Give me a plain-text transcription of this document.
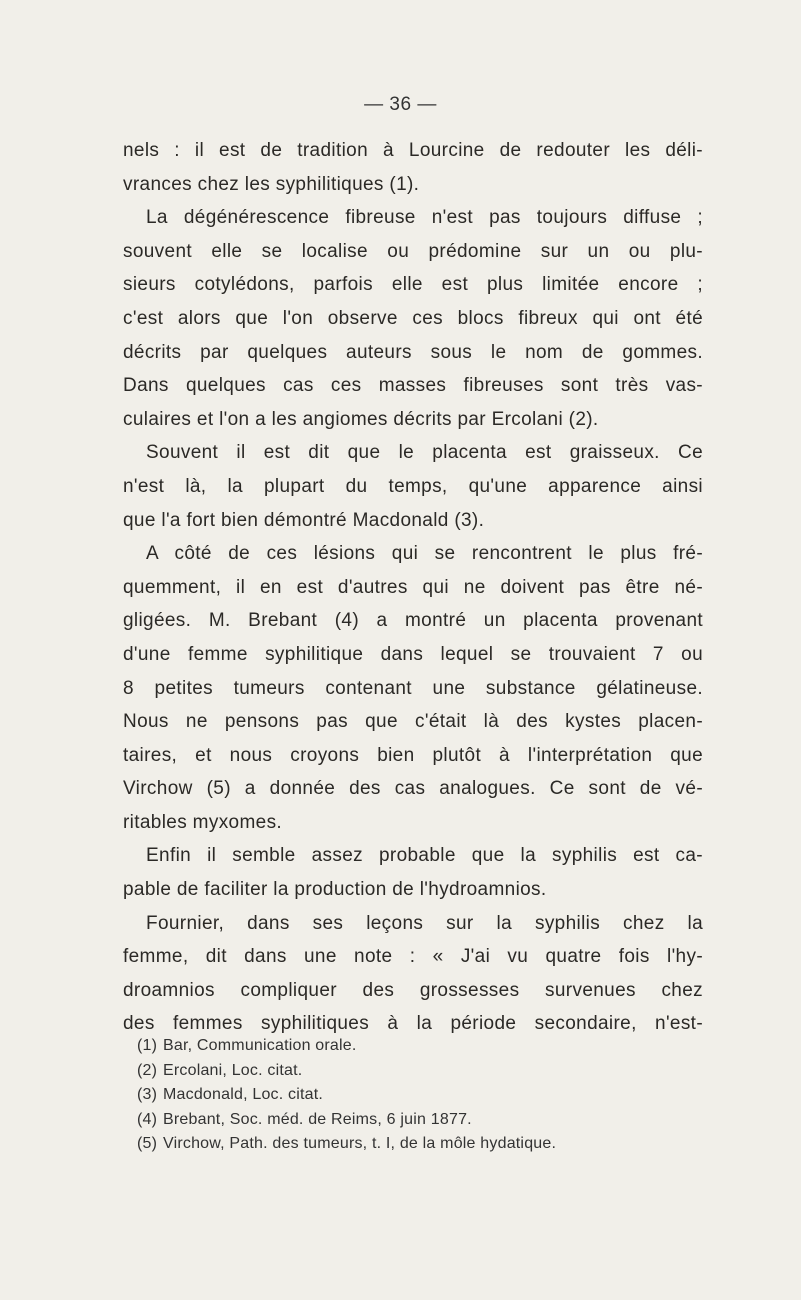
— 36 —
nels : il est de tradition à Lourcine de redouter les déli-
vrances chez les syphilitiques (1).
La dégénérescence fibreuse n'est pas toujours diffuse ;
souvent elle se localise ou prédomine sur un ou plu-
sieurs cotylédons, parfois elle est plus limitée encore ;
c'est alors que l'on observe ces blocs fibreux qui ont été
décrits par quelques auteurs sous le nom de gommes.
Dans quelques cas ces masses fibreuses sont très vas-
culaires et l'on a les angiomes décrits par Ercolani (2).
Souvent il est dit que le placenta est graisseux. Ce
n'est là, la plupart du temps, qu'une apparence ainsi
que l'a fort bien démontré Macdonald (3).
A côté de ces lésions qui se rencontrent le plus fré-
quemment, il en est d'autres qui ne doivent pas être né-
gligées. M. Brebant (4) a montré un placenta provenant
d'une femme syphilitique dans lequel se trouvaient 7 ou
8 petites tumeurs contenant une substance gélatineuse.
Nous ne pensons pas que c'était là des kystes placen-
taires, et nous croyons bien plutôt à l'interprétation que
Virchow (5) a donnée des cas analogues. Ce sont de vé-
ritables myxomes.
Enfin il semble assez probable que la syphilis est ca-
pable de faciliter la production de l'hydroamnios.
Fournier, dans ses leçons sur la syphilis chez la
femme, dit dans une note : « J'ai vu quatre fois l'hy-
droamnios compliquer des grossesses survenues chez
des femmes syphilitiques à la période secondaire, n'est-
(1) Bar, Communication orale.
(2) Ercolani, Loc. citat.
(3) Macdonald, Loc. citat.
(4) Brebant, Soc. méd. de Reims, 6 juin 1877.
(5) Virchow, Path. des tumeurs, t. I, de la môle hydatique.
